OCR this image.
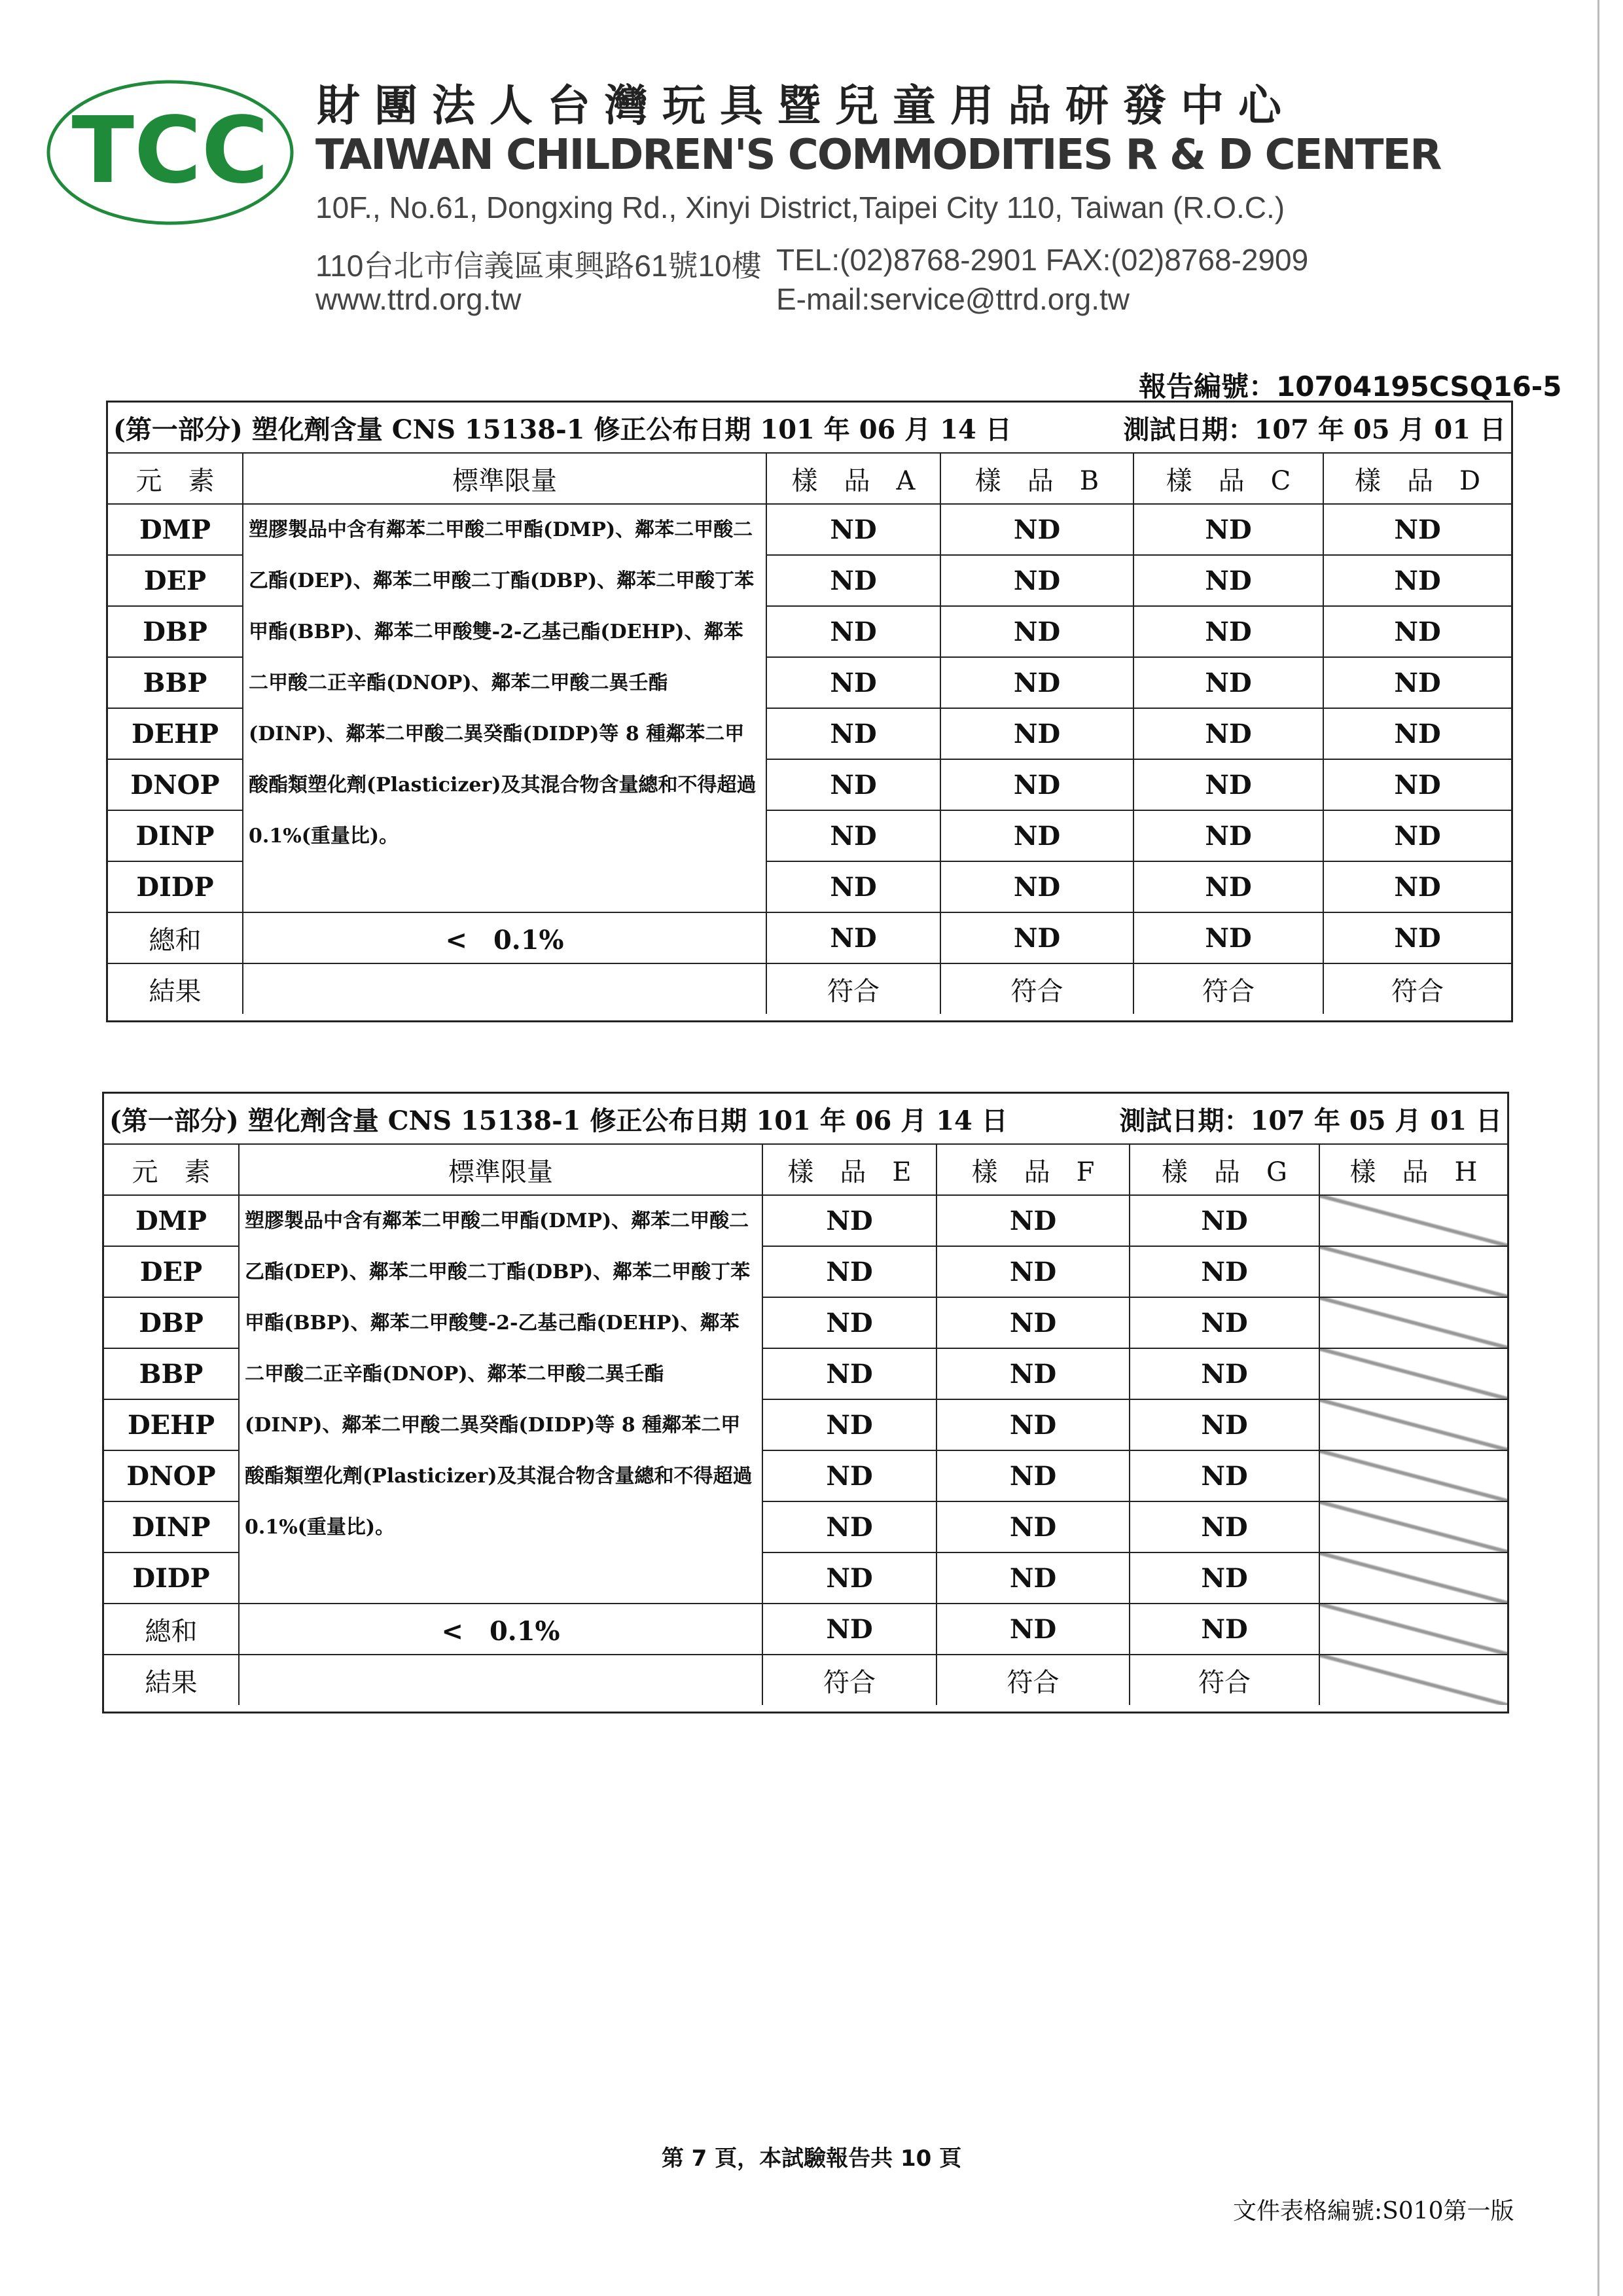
TCC 財團法人台灣玩具暨兒童用品研發中心
TAIWAN CHILDREN'S COMMODITIES R & D CENTER
10F., No.61, Dongxing Rd., Xinyi District,Taipei City 110, Taiwan (R.O.C.)
110台北市信義區東興路61號10樓 TEL:(02)8768-2901 FAX:(02)8768-2909
www.ttrd.org.tw	E-mail:service@ttrd.org.tw
報告編號：10704195CSQ16-5
(第一部分) 塑化劑含量 CNS 15138-1 修正公布日期 101 年 06 月 14 日	測試日期：107 年 05 月 01 日
元　素	標準限量	樣　品　A	樣　品　B	樣　品　C	樣　品　D
DMP	塑膠製品中含有鄰苯二甲酸二甲酯(DMP)、鄰苯二甲酸二乙酯(DEP)、鄰苯二甲酸二丁酯(DBP)、鄰苯二甲酸丁苯甲酯(BBP)、鄰苯二甲酸雙-2-乙基己酯(DEHP)、鄰苯二甲酸二正辛酯(DNOP)、鄰苯二甲酸二異壬酯(DINP)、鄰苯二甲酸二異癸酯(DIDP)等 8 種鄰苯二甲酸酯類塑化劑(Plasticizer)及其混合物含量總和不得超過 0.1%(重量比)。	ND	ND	ND	ND
DEP		ND	ND	ND	ND
DBP		ND	ND	ND	ND
BBP		ND	ND	ND	ND
DEHP		ND	ND	ND	ND
DNOP		ND	ND	ND	ND
DINP		ND	ND	ND	ND
DIDP		ND	ND	ND	ND
總和	<　0.1%	ND	ND	ND	ND
結果		符合	符合	符合	符合
(第一部分) 塑化劑含量 CNS 15138-1 修正公布日期 101 年 06 月 14 日	測試日期：107 年 05 月 01 日
元　素	標準限量	樣　品　E	樣　品　F	樣　品　G	樣　品　H
DMP	塑膠製品中含有鄰苯二甲酸二甲酯(DMP)、鄰苯二甲酸二乙酯(DEP)、鄰苯二甲酸二丁酯(DBP)、鄰苯二甲酸丁苯甲酯(BBP)、鄰苯二甲酸雙-2-乙基己酯(DEHP)、鄰苯二甲酸二正辛酯(DNOP)、鄰苯二甲酸二異壬酯(DINP)、鄰苯二甲酸二異癸酯(DIDP)等 8 種鄰苯二甲酸酯類塑化劑(Plasticizer)及其混合物含量總和不得超過 0.1%(重量比)。	ND	ND	ND	
DEP		ND	ND	ND	
DBP		ND	ND	ND	
BBP		ND	ND	ND	
DEHP		ND	ND	ND	
DNOP		ND	ND	ND	
DINP		ND	ND	ND	
DIDP		ND	ND	ND	
總和	<　0.1%	ND	ND	ND	
結果		符合	符合	符合	
第 7 頁，本試驗報告共 10 頁
文件表格編號:S010第一版
